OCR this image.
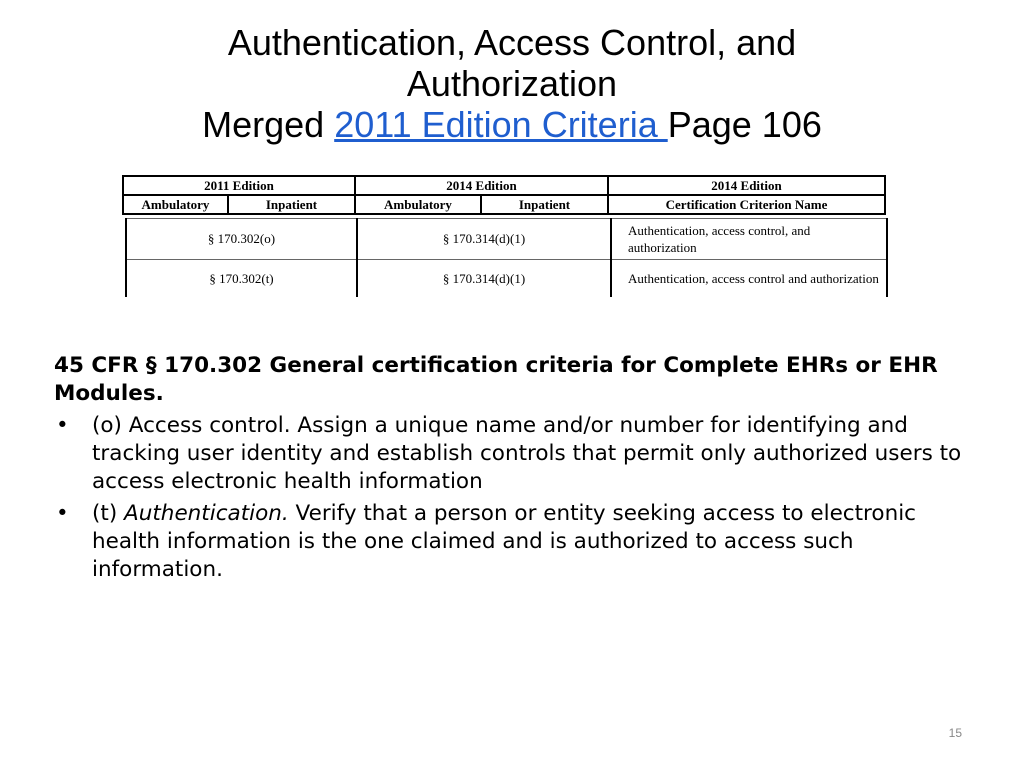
Authentication, Access Control, and
Authorization
Merged 2011 Edition Criteria Page 106
2011 Edition		2014 Edition		2014 Edition
Ambulatory	Inpatient	Ambulatory	Inpatient	Certification Criterion Name
§ 170.302(o)	§ 170.314(d)(1)	Authentication, access control, and authorization
§ 170.302(t)	§ 170.314(d)(1)	Authentication, access control and authorization

45 CFR § 170.302 General certification criteria for Complete EHRs or EHR Modules.

• (o) Access control. Assign a unique name and/or number for identifying and tracking user identity and establish controls that permit only authorized users to access electronic health information
• (t) Authentication. Verify that a person or entity seeking access to electronic health information is the one claimed and is authorized to access such information.
15
